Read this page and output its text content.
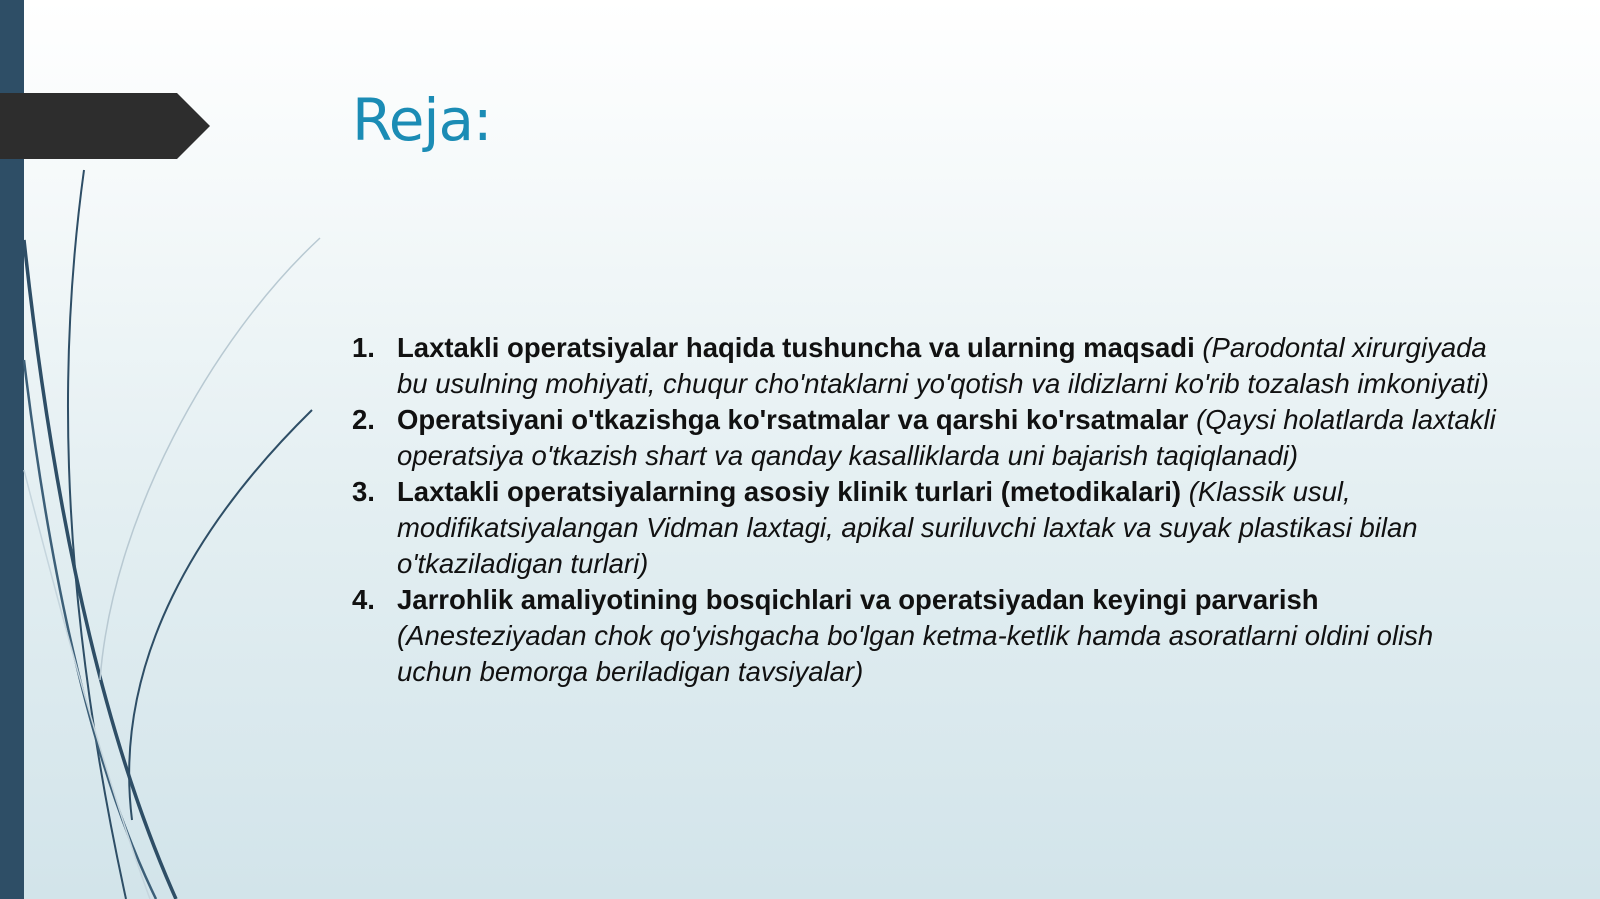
Reja:
1. Laxtakli operatsiyalar haqida tushuncha va ularning maqsadi (Parodontal xirurgiyada bu usulning mohiyati, chuqur cho'ntaklarni yo'qotish va ildizlarni ko'rib tozalash imkoniyati)
2. Operatsiyani o'tkazishga ko'rsatmalar va qarshi ko'rsatmalar (Qaysi holatlarda laxtakli operatsiya o'tkazish shart va qanday kasalliklarda uni bajarish taqiqlanadi)
3. Laxtakli operatsiyalarning asosiy klinik turlari (metodikalari) (Klassik usul, modifikatsiyalangan Vidman laxtagi, apikal suriluvchi laxtak va suyak plastikasi bilan o'tkaziladigan turlari)
4. Jarrohlik amaliyotining bosqichlari va operatsiyadan keyingi parvarish (Anesteziyadan chok qo'yishgacha bo'lgan ketma-ketlik hamda asoratlarni oldini olish uchun bemorga beriladigan tavsiyalar)
